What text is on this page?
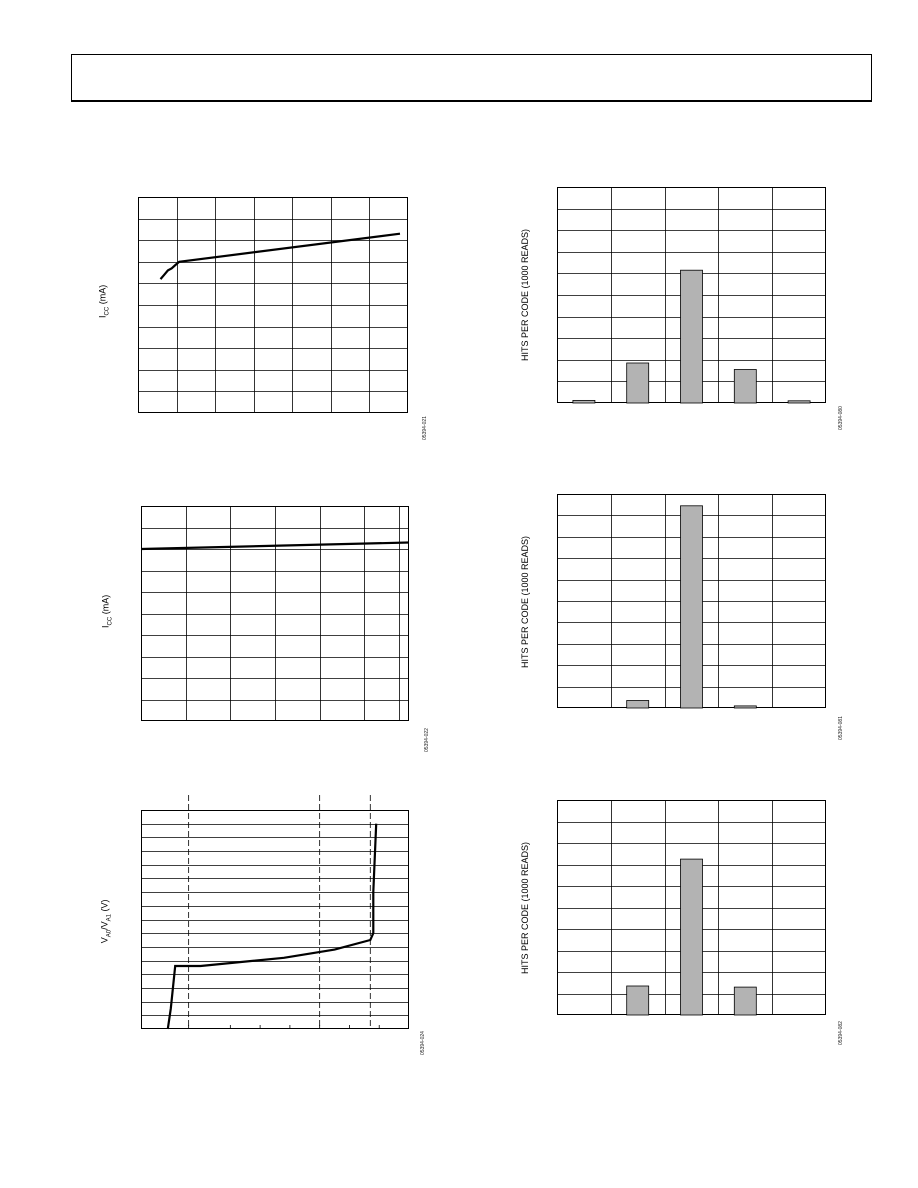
$I_{CC}$ (mA)
05394-021
$I_{CC}$ (mA)
05394-022
$V_{A0}/V_{A1}$ (V)
05394-024
HITS PER CODE (1000 READS)
05394-080
HITS PER CODE (1000 READS)
05394-081
HITS PER CODE (1000 READS)
05394-082
